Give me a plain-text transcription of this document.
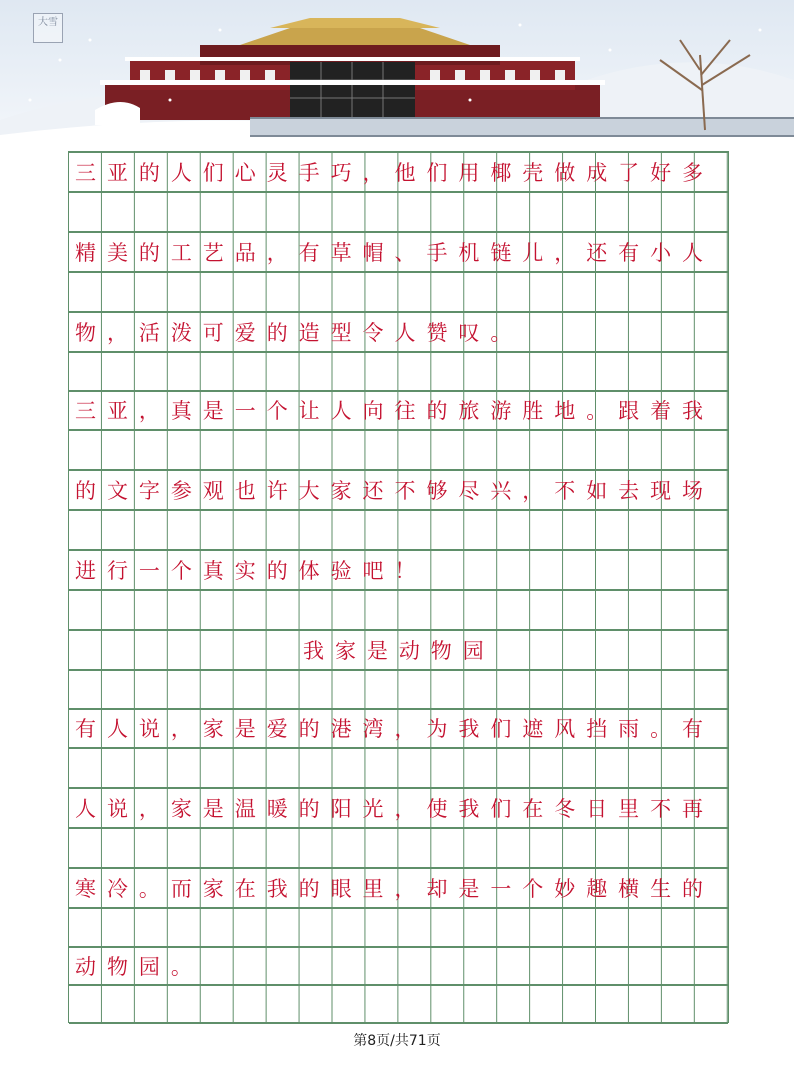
大雪
三亚的人们心灵手巧，他们用椰壳做成了好多
精美的工艺品，有草帽、手机链儿，还有小人
物，活泼可爱的造型令人赞叹。
三亚，真是一个让人向往的旅游胜地。跟着我
的文字参观也许大家还不够尽兴，不如去现场
进行一个真实的体验吧！
我家是动物园
有人说，家是爱的港湾，为我们遮风挡雨。有
人说，家是温暖的阳光，使我们在冬日里不再
寒冷。而家在我的眼里，却是一个妙趣横生的
动物园。
第8页/共71页
